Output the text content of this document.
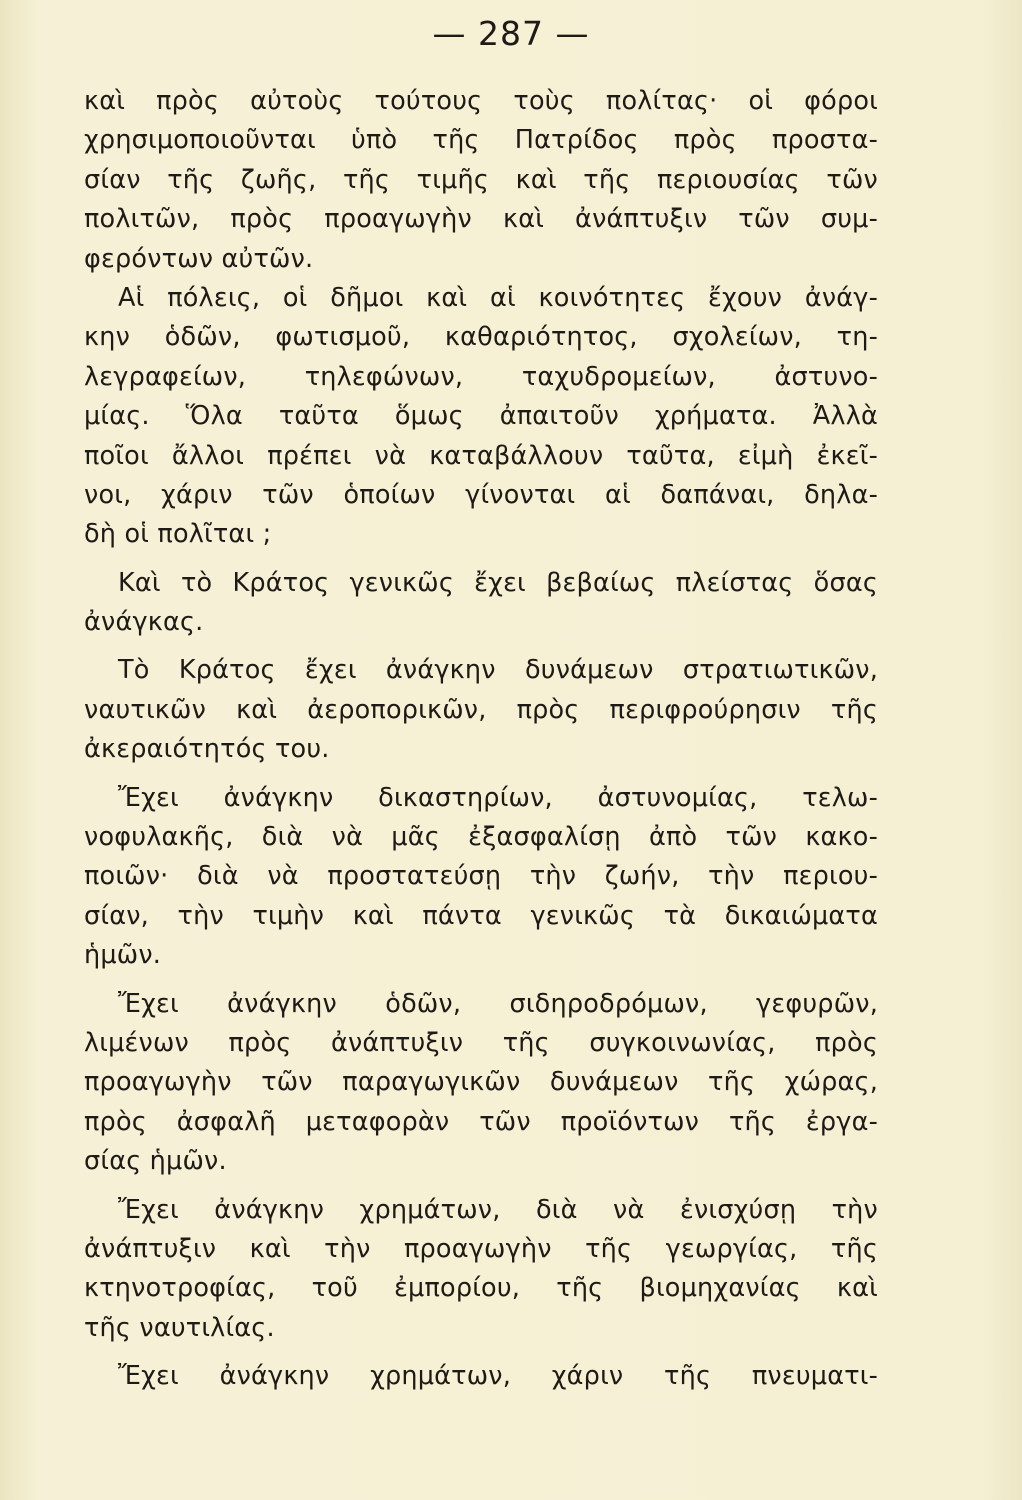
— 287 —
καὶ πρὸς αὐτοὺς τούτους τοὺς πολίτας· οἱ φόροι
χρησιμοποιοῦνται ὑπὸ τῆς Πατρίδος πρὸς προστα-
σίαν τῆς ζωῆς, τῆς τιμῆς καὶ τῆς περιουσίας τῶν
πολιτῶν, πρὸς προαγωγὴν καὶ ἀνάπτυξιν τῶν συμ-
φερόντων αὐτῶν.
Αἱ πόλεις, οἱ δῆμοι καὶ αἱ κοινότητες ἔχουν ἀνάγ-
κην ὁδῶν, φωτισμοῦ, καθαριότητος, σχολείων, τη-
λεγραφείων, τηλεφώνων, ταχυδρομείων, ἀστυνο-
μίας. Ὅλα ταῦτα ὅμως ἀπαιτοῦν χρήματα. Ἀλλὰ
ποῖοι ἄλλοι πρέπει νὰ καταβάλλουν ταῦτα, εἰμὴ ἐκεῖ-
νοι, χάριν τῶν ὁποίων γίνονται αἱ δαπάναι, δηλα-
δὴ οἱ πολῖται ;
Καὶ τὸ Κράτος γενικῶς ἔχει βεβαίως πλείστας ὅσας
ἀνάγκας.
Τὸ Κράτος ἔχει ἀνάγκην δυνάμεων στρατιωτικῶν,
ναυτικῶν καὶ ἀεροπορικῶν, πρὸς περιφρούρησιν τῆς
ἀκεραιότητός του.
Ἔχει ἀνάγκην δικαστηρίων, ἀστυνομίας, τελω-
νοφυλακῆς, διὰ νὰ μᾶς ἐξασφαλίσῃ ἀπὸ τῶν κακο-
ποιῶν· διὰ νὰ προστατεύσῃ τὴν ζωήν, τὴν περιου-
σίαν, τὴν τιμὴν καὶ πάντα γενικῶς τὰ δικαιώματα
ἡμῶν.
Ἔχει ἀνάγκην ὁδῶν, σιδηροδρόμων, γεφυρῶν,
λιμένων πρὸς ἀνάπτυξιν τῆς συγκοινωνίας, πρὸς
προαγωγὴν τῶν παραγωγικῶν δυνάμεων τῆς χώρας,
πρὸς ἀσφαλῆ μεταφορὰν τῶν προϊόντων τῆς ἐργα-
σίας ἡμῶν.
Ἔχει ἀνάγκην χρημάτων, διὰ νὰ ἐνισχύσῃ τὴν
ἀνάπτυξιν καὶ τὴν προαγωγὴν τῆς γεωργίας, τῆς
κτηνοτροφίας, τοῦ ἐμπορίου, τῆς βιομηχανίας καὶ
τῆς ναυτιλίας.
Ἔχει ἀνάγκην χρημάτων, χάριν τῆς πνευματι-
